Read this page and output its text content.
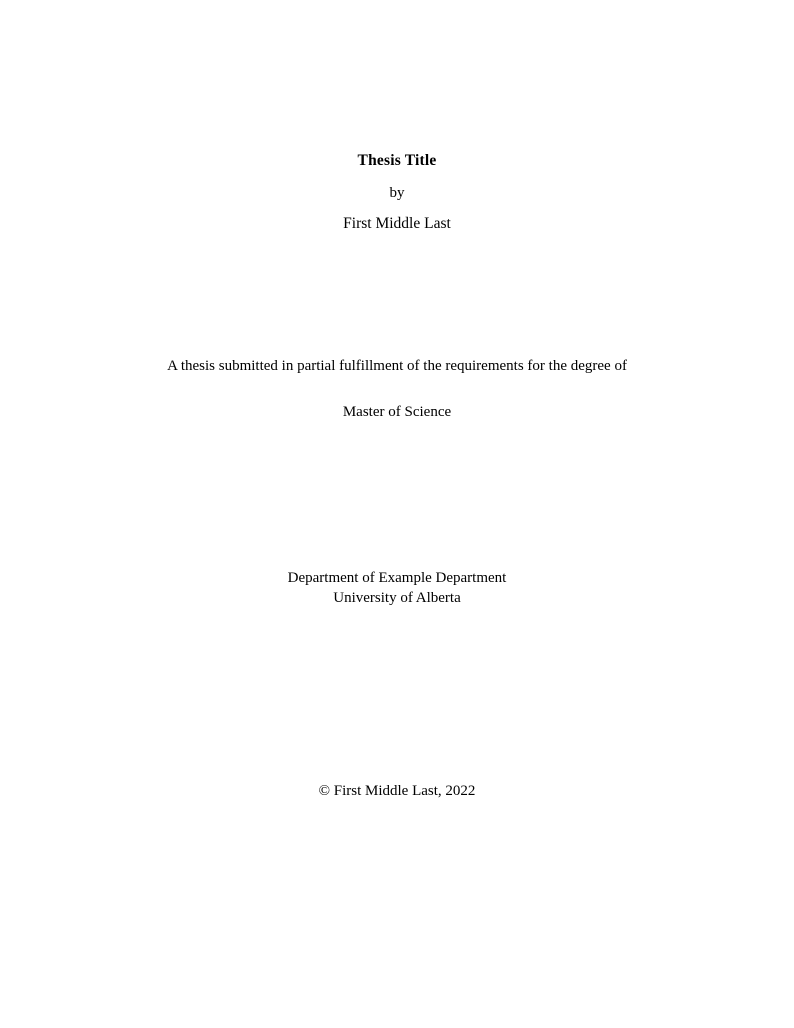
Thesis Title
by
First Middle Last
A thesis submitted in partial fulfillment of the requirements for the degree of
Master of Science
Department of Example Department
University of Alberta
© First Middle Last, 2022
